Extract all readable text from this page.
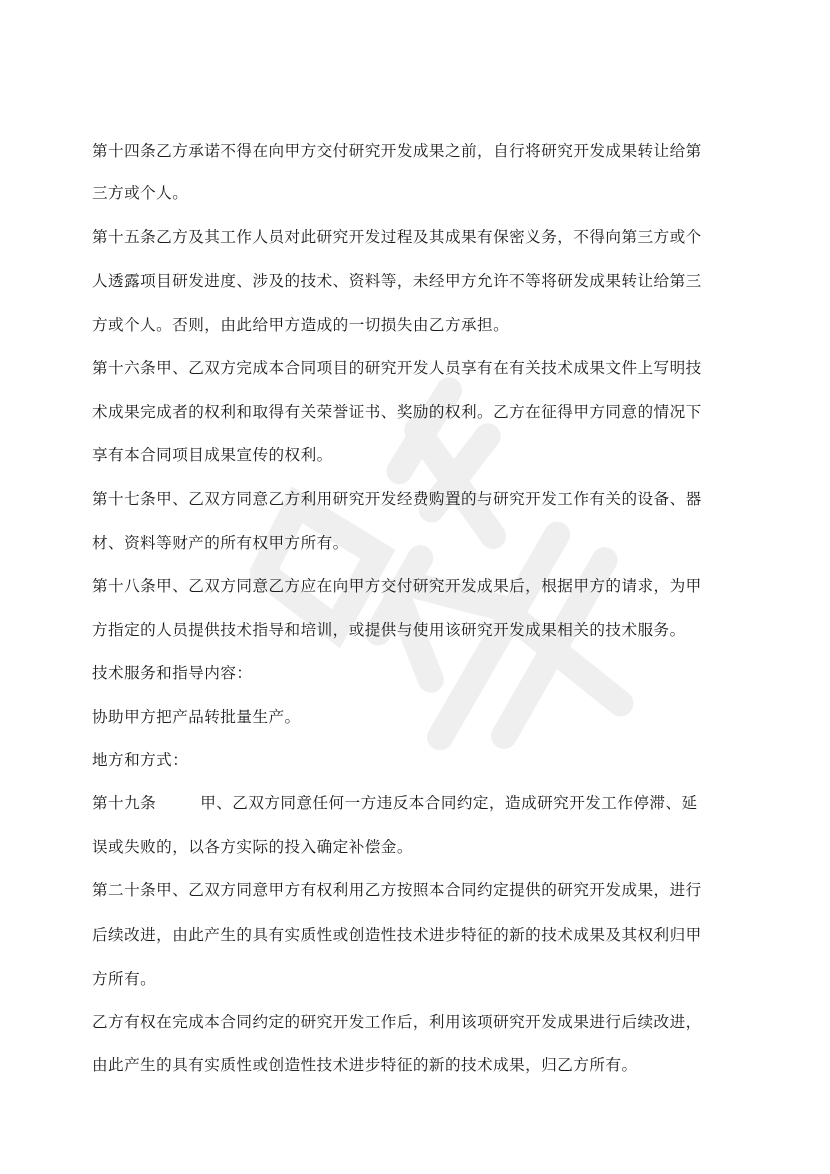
第十四条乙方承诺不得在向甲方交付研究开发成果之前，自行将研究开发成果转让给第
三方或个人。
第十五条乙方及其工作人员对此研究开发过程及其成果有保密义务，不得向第三方或个
人透露项目研发进度、涉及的技术、资料等，未经甲方允许不等将研发成果转让给第三
方或个人。否则，由此给甲方造成的一切损失由乙方承担。
第十六条甲、乙双方完成本合同项目的研究开发人员享有在有关技术成果文件上写明技
术成果完成者的权利和取得有关荣誉证书、奖励的权利。乙方在征得甲方同意的情况下
享有本合同项目成果宣传的权利。
第十七条甲、乙双方同意乙方利用研究开发经费购置的与研究开发工作有关的设备、器
材、资料等财产的所有权甲方所有。
第十八条甲、乙双方同意乙方应在向甲方交付研究开发成果后，根据甲方的请求，为甲
方指定的人员提供技术指导和培训，或提供与使用该研究开发成果相关的技术服务。
技术服务和指导内容：
协助甲方把产品转批量生产。
地方和方式：
第十九条	甲、乙双方同意任何一方违反本合同约定，造成研究开发工作停滞、延
误或失败的，以各方实际的投入确定补偿金。
第二十条甲、乙双方同意甲方有权利用乙方按照本合同约定提供的研究开发成果，进行
后续改进，由此产生的具有实质性或创造性技术进步特征的新的技术成果及其权利归甲
方所有。
乙方有权在完成本合同约定的研究开发工作后，利用该项研究开发成果进行后续改进，
由此产生的具有实质性或创造性技术进步特征的新的技术成果，归乙方所有。
